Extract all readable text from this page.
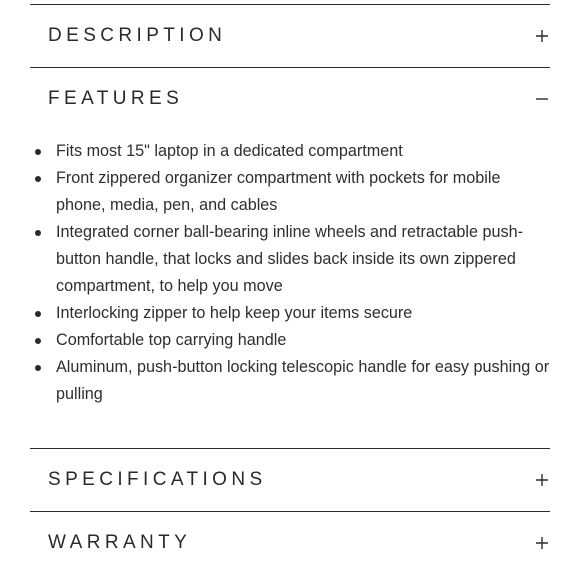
DESCRIPTION
FEATURES
Fits most 15" laptop in a dedicated compartment
Front zippered organizer compartment with pockets for mobile phone, media, pen, and cables
Integrated corner ball-bearing inline wheels and retractable push-button handle, that locks and slides back inside its own zippered compartment, to help you move
Interlocking zipper to help keep your items secure
Comfortable top carrying handle
Aluminum, push-button locking telescopic handle for easy pushing or pulling
SPECIFICATIONS
WARRANTY
